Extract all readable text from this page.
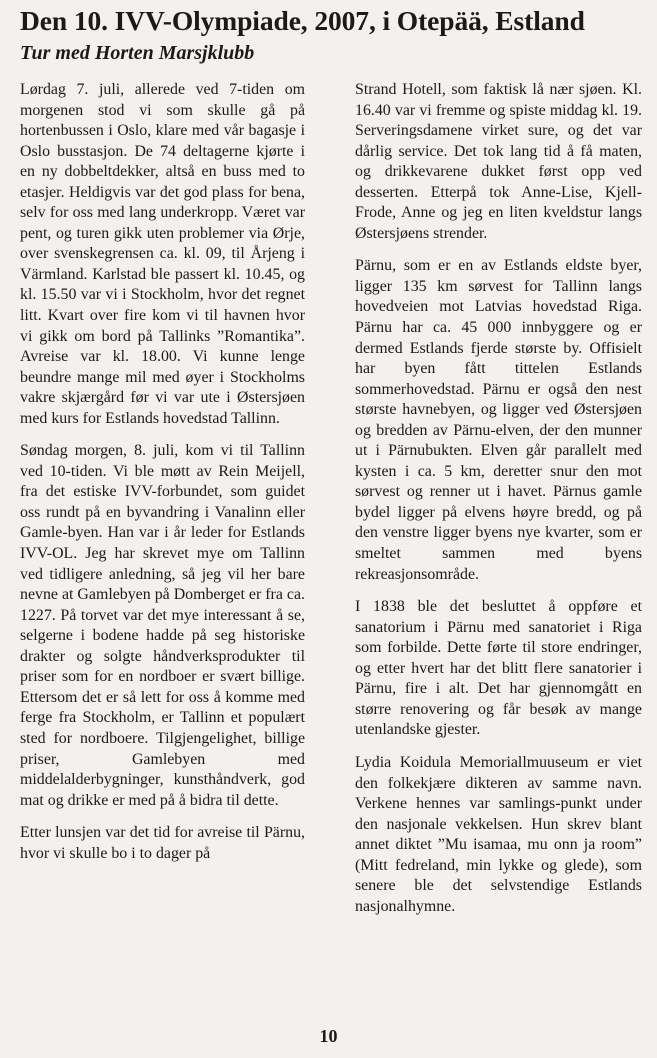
Den 10. IVV-Olympiade, 2007, i Otepää, Estland
Tur med Horten Marsjklubb

Lørdag 7. juli, allerede ved 7-tiden om morgenen stod vi som skulle gå på hortenbussen i Oslo, klare med vår bagasje i Oslo busstasjon. De 74 deltagerne kjørte i en ny dobbeltdekker, altså en buss med to etasjer. Heldigvis var det god plass for bena, selv for oss med lang underkropp. Været var pent, og turen gikk uten problemer via Ørje, over svenskegrensen ca. kl. 09, til Årjeng i Värmland. Karlstad ble passert kl. 10.45, og kl. 15.50 var vi i Stockholm, hvor det regnet litt. Kvart over fire kom vi til havnen hvor vi gikk om bord på Tallinks ”Romantika”. Avreise var kl. 18.00. Vi kunne lenge beundre mange mil med øyer i Stockholms vakre skjærgård før vi var ute i Østersjøen med kurs for Estlands hovedstad Tallinn.

Søndag morgen, 8. juli, kom vi til Tallinn ved 10-tiden. Vi ble møtt av Rein Meijell, fra det estiske IVV-forbundet, som guidet oss rundt på en byvandring i Vanalinn eller Gamle-byen. Han var i år leder for Estlands IVV-OL. Jeg har skrevet mye om Tallinn ved tidligere anledning, så jeg vil her bare nevne at Gamlebyen på Domberget er fra ca. 1227. På torvet var det mye interessant å se, selgerne i bodene hadde på seg historiske drakter og solgte håndverksprodukter til priser som for en nordboer er svært billige. Ettersom det er så lett for oss å komme med ferge fra Stockholm, er Tallinn et populært sted for nordboere. Tilgjengelighet, billige priser, Gamlebyen med middelalderbygninger, kunsthåndverk, god mat og drikke er med på å bidra til dette.

Etter lunsjen var det tid for avreise til Pärnu, hvor vi skulle bo i to dager på

Strand Hotell, som faktisk lå nær sjøen. Kl. 16.40 var vi fremme og spiste middag kl. 19. Serveringsdamene virket sure, og det var dårlig service. Det tok lang tid å få maten, og drikkevarene dukket først opp ved desserten. Etterpå tok Anne-Lise, Kjell-Frode, Anne og jeg en liten kveldstur langs Østersjøens strender.

Pärnu, som er en av Estlands eldste byer, ligger 135 km sørvest for Tallinn langs hovedveien mot Latvias hovedstad Riga. Pärnu har ca. 45 000 innbyggere og er dermed Estlands fjerde største by. Offisielt har byen fått tittelen Estlands sommerhovedstad. Pärnu er også den nest største havnebyen, og ligger ved Østersjøen og bredden av Pärnu-elven, der den munner ut i Pärnubukten. Elven går parallelt med kysten i ca. 5 km, deretter snur den mot sørvest og renner ut i havet. Pärnus gamle bydel ligger på elvens høyre bredd, og på den venstre ligger byens nye kvarter, som er smeltet sammen med byens rekreasjonsområde.

I 1838 ble det besluttet å oppføre et sanatorium i Pärnu med sanatoriet i Riga som forbilde. Dette førte til store endringer, og etter hvert har det blitt flere sanatorier i Pärnu, fire i alt. Det har gjennomgått en større renovering og får besøk av mange utenlandske gjester.

Lydia Koidula Memoriallmuuseum er viet den folkekjære dikteren av samme navn. Verkene hennes var samlings-punkt under den nasjonale vekkelsen. Hun skrev blant annet diktet ”Mu isamaa, mu onn ja room” (Mitt fedreland, min lykke og glede), som senere ble det selvstendige Estlands nasjonalhymne.

10
